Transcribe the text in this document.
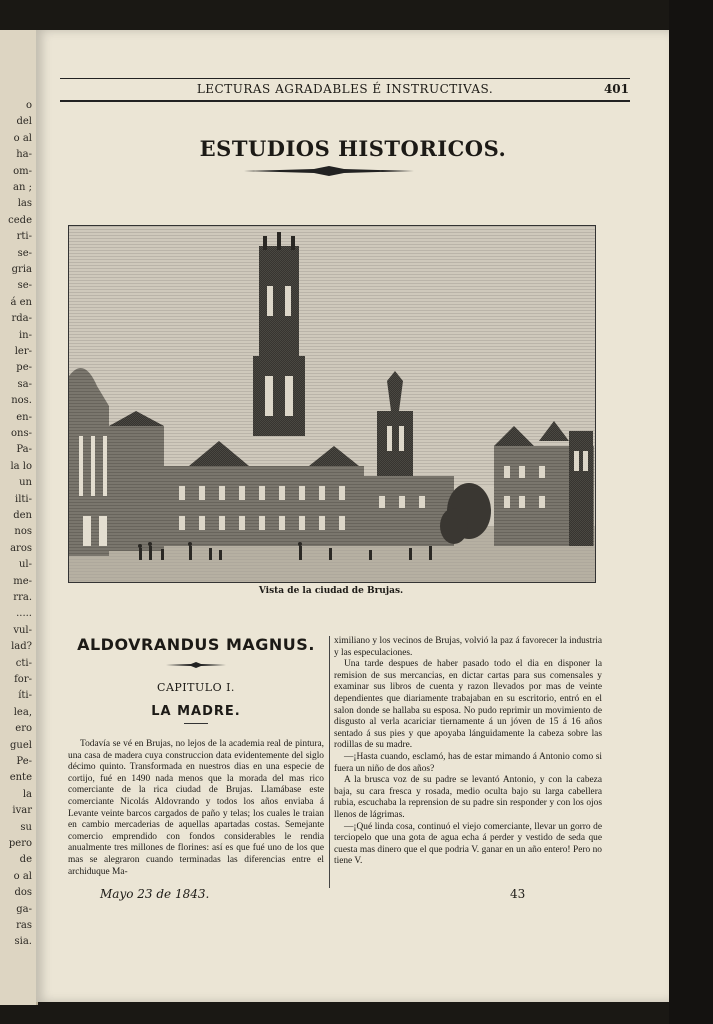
o
del
o al
ha-
om-
an ;
las
cede
rti-
se-
gria
se-
á en
rda-
in-
ler-
pe-
sa-
nos.
en-
ons-
Pa-
la lo
un
ilti-
den
nos
aros
ul-
me-
rra.
.....
vul-
lad?
cti-
for-
íti-
lea,
ero
guel
Pe-
ente
la
ivar
su
pero
de
o al
dos
ga-
ras
sia.
LECTURAS AGRADABLES É INSTRUCTIVAS.	401
ESTUDIOS HISTORICOS.
Vista de la ciudad de Brujas.
ALDOVRANDUS MAGNUS.
CAPITULO I.
LA MADRE.

Todavía se vé en Brujas, no lejos de la academia real de pintura, una casa de madera cuya construccion data evidentemente del siglo décimo quinto. Transformada en nuestros dias en una especie de cortijo, fué en 1490 nada menos que la morada del mas rico comerciante de la rica ciudad de Brujas. Llamábase este comerciante Nicolás Aldovrando y todos los años enviaba á Levante veinte barcos cargados de paño y telas; los cuales le traian en cambio mercaderias de aquellas apartadas costas. Semejante comercio emprendido con fondos considerables le rendia anualmente tres millones de florines: así es que fué uno de los que mas se alegraron cuando terminadas las diferencias entre el archiduque Ma-

ximiliano y los vecinos de Brujas, volvió la paz á favorecer la industria y las especulaciones.

Una tarde despues de haber pasado todo el dia en disponer la remision de sus mercancias, en dictar cartas para sus comensales y examinar sus libros de cuenta y razon llevados por mas de veinte dependientes que diariamente trabajaban en su escritorio, entró en el salon donde se hallaba su esposa. No pudo reprimir un movimiento de disgusto al verla acariciar tiernamente á un jóven de 15 á 16 años sentado á sus pies y que apoyaba lánguidamente la cabeza sobre las rodillas de su madre.

—¡Hasta cuando, esclamó, has de estar mimando á Antonio como si fuera un niño de dos años?

A la brusca voz de su padre se levantó Antonio, y con la cabeza baja, su cara fresca y rosada, medio oculta bajo su larga cabellera rubia, escuchaba la reprension de su padre sin responder y con los ojos llenos de lágrimas.

—¡Qué linda cosa, continuó el viejo comerciante, llevar un gorro de terciopelo que una gota de agua echa á perder y vestido de seda que cuesta mas dinero que el que podria V. ganar en un año entero! Pero no tiene V.

Mayo 23 de 1843.	43
